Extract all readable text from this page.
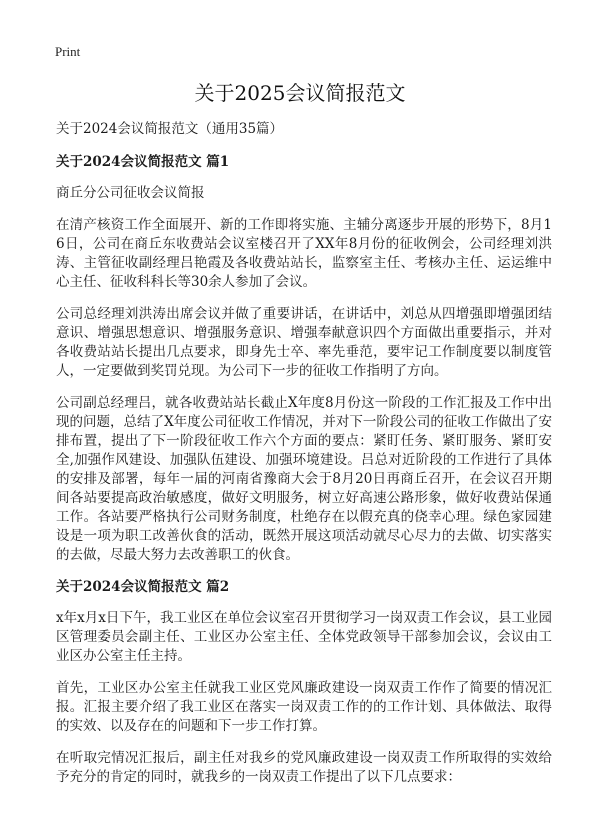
Print
关于2025会议简报范文

关于2024会议简报范文（通用35篇）

关于2024会议简报范文 篇1

商丘分公司征收会议简报

在清产核资工作全面展开、新的工作即将实施、主辅分离逐步开展的形势下，8月16日，公司在商丘东收费站会议室楼召开了XX年8月份的征收例会，公司经理刘洪涛、主管征收副经理吕艳霞及各收费站站长，监察室主任、考核办主任、运运维中心主任、征收科科长等30余人参加了会议。

公司总经理刘洪涛出席会议并做了重要讲话，在讲话中，刘总从四增强即增强团结意识、增强思想意识、增强服务意识、增强奉献意识四个方面做出重要指示，并对各收费站站长提出几点要求，即身先士卒、率先垂范，要牢记工作制度要以制度管人，一定要做到奖罚兑现。为公司下一步的征收工作指明了方向。

公司副总经理吕，就各收费站站长截止X年度8月份这一阶段的工作汇报及工作中出现的问题，总结了X年度公司征收工作情况，并对下一阶段公司的征收工作做出了安排布置，提出了下一阶段征收工作六个方面的要点：紧盯任务、紧盯服务、紧盯安全,加强作风建设、加强队伍建设、加强环境建设。吕总对近阶段的工作进行了具体的安排及部署，每年一届的河南省豫商大会于8月20日再商丘召开，在会议召开期间各站要提高政治敏感度，做好文明服务，树立好高速公路形象，做好收费站保通工作。各站要严格执行公司财务制度，杜绝存在以假充真的侥幸心理。绿色家园建设是一项为职工改善伙食的活动，既然开展这项活动就尽心尽力的去做、切实落实的去做，尽最大努力去改善职工的伙食。

关于2024会议简报范文 篇2

x年x月x日下午，我工业区在单位会议室召开贯彻学习一岗双责工作会议，县工业园区管理委员会副主任、工业区办公室主任、全体党政领导干部参加会议，会议由工业区办公室主任主持。

首先，工业区办公室主任就我工业区党风廉政建设一岗双责工作作了简要的情况汇报。汇报主要介绍了我工业区在落实一岗双责工作的的工作计划、具体做法、取得的实效、以及存在的问题和下一步工作打算。

在听取完情况汇报后，副主任对我乡的党风廉政建设一岗双责工作所取得的实效给予充分的肯定的同时，就我乡的一岗双责工作提出了以下几点要求：
